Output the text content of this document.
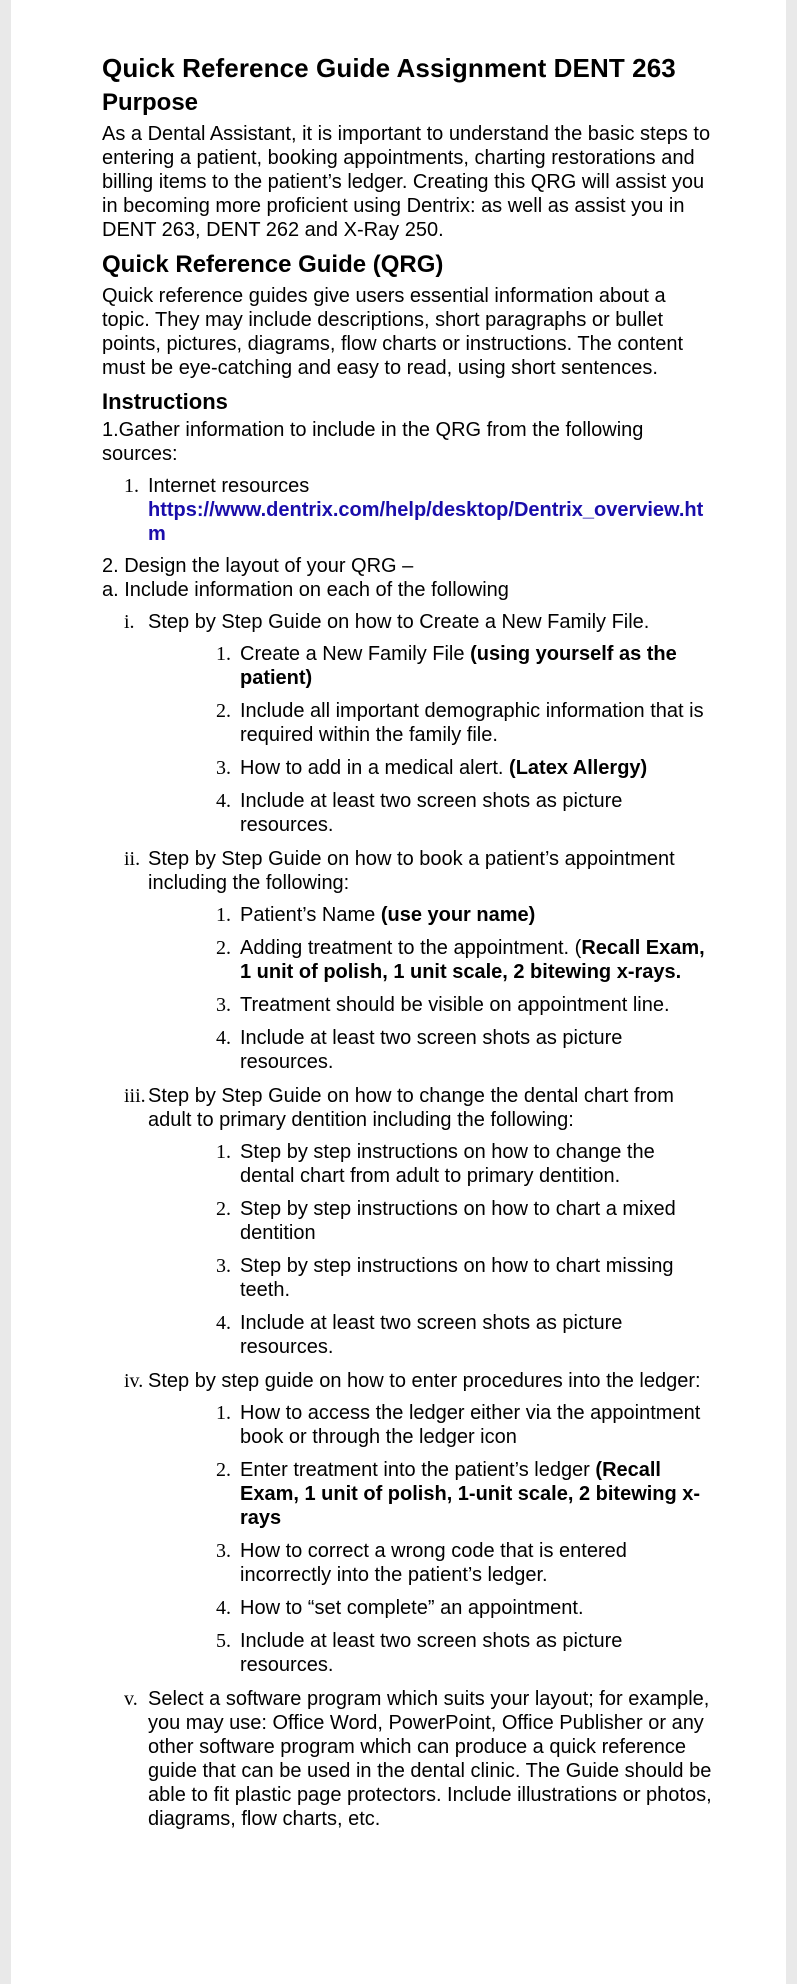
Quick Reference Guide Assignment DENT 263
Purpose

As a Dental Assistant, it is important to understand the basic steps to entering a patient, booking appointments, charting restorations and billing items to the patient’s ledger. Creating this QRG will assist you in becoming more proficient using Dentrix: as well as assist you in DENT 263, DENT 262 and X-Ray 250.

Quick Reference Guide (QRG)

Quick reference guides give users essential information about a topic. They may include descriptions, short paragraphs or bullet points, pictures, diagrams, flow charts or instructions. The content must be eye-catching and easy to read, using short sentences.

Instructions

1.Gather information to include in the QRG from the following sources:

1. Internet resources
https://www.dentrix.com/help/desktop/Dentrix_overview.htm
2. Design the layout of your QRG –
a. Include information on each of the following
i. Step by Step Guide on how to Create a New Family File.
1. Create a New Family File (using yourself as the patient)
2. Include all important demographic information that is required within the family file.
3. How to add in a medical alert. (Latex Allergy)
4. Include at least two screen shots as picture resources.
ii. Step by Step Guide on how to book a patient’s appointment including the following:
1. Patient’s Name (use your name)
2. Adding treatment to the appointment. (Recall Exam, 1 unit of polish, 1 unit scale, 2 bitewing x-rays.
3. Treatment should be visible on appointment line.
4. Include at least two screen shots as picture resources.
iii. Step by Step Guide on how to change the dental chart from adult to primary dentition including the following:
1. Step by step instructions on how to change the dental chart from adult to primary dentition.
2. Step by step instructions on how to chart a mixed dentition
3. Step by step instructions on how to chart missing teeth.
4. Include at least two screen shots as picture resources.
iv. Step by step guide on how to enter procedures into the ledger:
1. How to access the ledger either via the appointment book or through the ledger icon
2. Enter treatment into the patient’s ledger (Recall Exam, 1 unit of polish, 1-unit scale, 2 bitewing x-rays
3. How to correct a wrong code that is entered incorrectly into the patient’s ledger.
4. How to “set complete” an appointment.
5. Include at least two screen shots as picture resources.
v. Select a software program which suits your layout; for example, you may use: Office Word, PowerPoint, Office Publisher or any other software program which can produce a quick reference guide that can be used in the dental clinic. The Guide should be able to fit plastic page protectors. Include illustrations or photos, diagrams, flow charts, etc.
